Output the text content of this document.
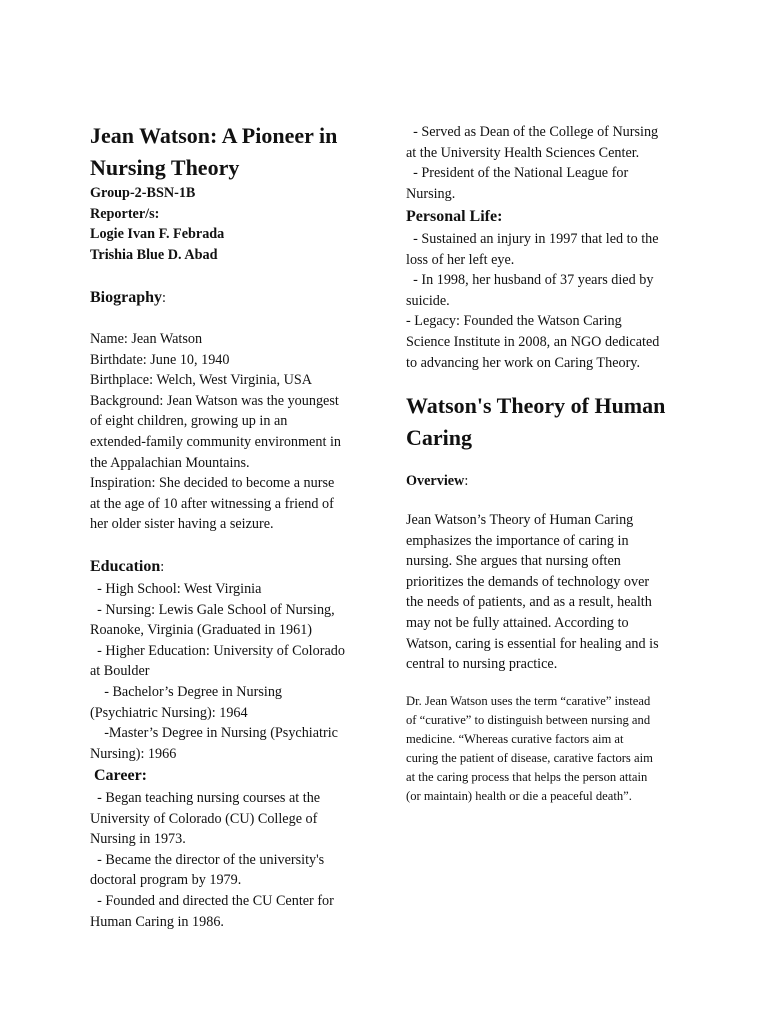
Jean Watson: A Pioneer in
Nursing Theory
Group-2-BSN-1B
Reporter/s:
Logie Ivan F. Febrada
Trishia Blue D. Abad
Biography:
Name: Jean Watson
Birthdate: June 10, 1940
Birthplace: Welch, West Virginia, USA
Background: Jean Watson was the youngest
of eight children, growing up in an
extended-family community environment in
the Appalachian Mountains.
Inspiration: She decided to become a nurse
at the age of 10 after witnessing a friend of
her older sister having a seizure.
Education:
- High School: West Virginia
- Nursing: Lewis Gale School of Nursing,
Roanoke, Virginia (Graduated in 1961)
- Higher Education: University of Colorado
at Boulder
- Bachelor’s Degree in Nursing
(Psychiatric Nursing): 1964
-Master’s Degree in Nursing (Psychiatric
Nursing): 1966
Career:
- Began teaching nursing courses at the
University of Colorado (CU) College of
Nursing in 1973.
- Became the director of the university's
doctoral program by 1979.
- Founded and directed the CU Center for
Human Caring in 1986.
- Served as Dean of the College of Nursing
at the University Health Sciences Center.
- President of the National League for
Nursing.
Personal Life:
- Sustained an injury in 1997 that led to the
loss of her left eye.
- In 1998, her husband of 37 years died by
suicide.
- Legacy: Founded the Watson Caring
Science Institute in 2008, an NGO dedicated
to advancing her work on Caring Theory.
Watson's Theory of Human
Caring
Overview:
Jean Watson’s Theory of Human Caring
emphasizes the importance of caring in
nursing. She argues that nursing often
prioritizes the demands of technology over
the needs of patients, and as a result, health
may not be fully attained. According to
Watson, caring is essential for healing and is
central to nursing practice.
Dr. Jean Watson uses the term “carative” instead
of “curative” to distinguish between nursing and
medicine. “Whereas curative factors aim at
curing the patient of disease, carative factors aim
at the caring process that helps the person attain
(or maintain) health or die a peaceful death”.
